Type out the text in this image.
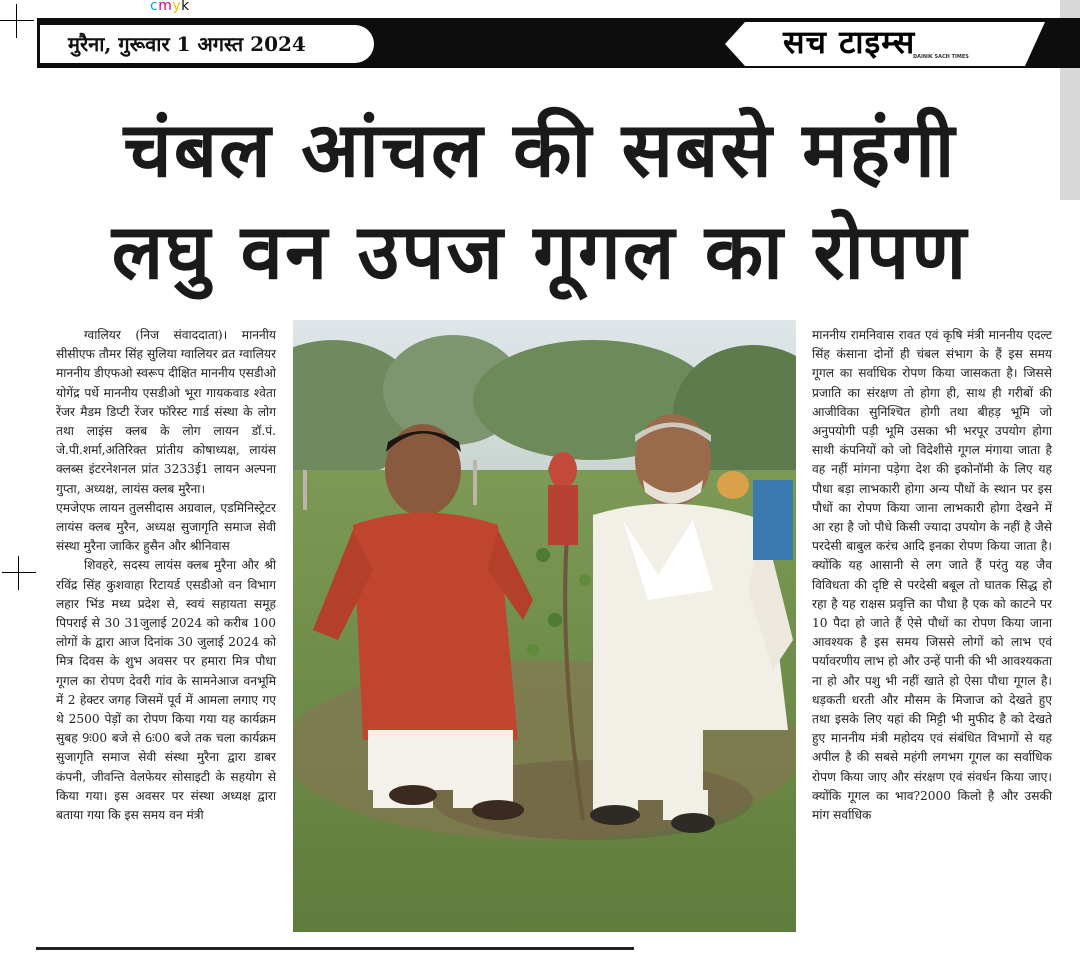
cmyk
मुरैना, गुरूवार 1 अगस्त 2024	सच टाइम्स
DAINIK SACH TIMES
चंबल आंचल की सबसे महंगी
लघु वन उपज गूगल का रोपण

ग्वालियर (निज संवाददाता)। माननीय सीसीएफ तौमर सिंह सुलिया ग्वालियर व्रत ग्वालियर माननीय डीएफओ स्वरूप दीक्षित माननीय एसडीओ योगेंद्र पर्धे माननीय एसडीओ भूरा गायकवाड श्वेता रेंजर मैडम डिप्टी रेंजर फॉरेस्ट गार्ड संस्था के लोग तथा लाइंस क्लब के लोग लायन डॉ.पं. जे.पी.शर्मा,अतिरिक्त प्रांतीय कोषाध्यक्ष, लायंस क्लब्स इंटरनेशनल प्रांत 3233ई1 लायन अल्पना गुप्ता, अध्यक्ष, लायंस क्लब मुरैना।

एमजेएफ लायन तुलसीदास अग्रवाल, एडमिनिस्ट्रेटर लायंस क्लब मुरैन, अध्यक्ष सुजागृति समाज सेवी संस्था मुरैना जाकिर हुसैन और श्रीनिवास

शिवहरे, सदस्य लायंस क्लब मुरैना और श्री रविंद्र सिंह कुशवाहा रिटायर्ड एसडीओ वन विभाग लहार भिंड मध्य प्रदेश से, स्वयं सहायता समूह पिपराई से 30 31जुलाई 2024 को करीब 100 लोगों के द्वारा आज दिनांक 30 जुलाई 2024 को मित्र दिवस के शुभ अवसर पर हमारा मित्र पौधा गूगल का रोपण देवरी गांव के सामनेआज वनभूमि में 2 हेक्टर जगह जिसमें पूर्व में आमला लगाए गए थे 2500 पेड़ों का रोपण किया गया यह कार्यक्रम सुबह 9ः00 बजे से 6ः00 बजे तक चला कार्यक्रम सुजागृति समाज सेवी संस्था मुरैना द्वारा डाबर कंपनी, जीवन्ति वेलफेयर सोसाइटी के सहयोग से किया गया। इस अवसर पर संस्था अध्यक्ष द्वारा बताया गया कि इस समय वन मंत्री

माननीय रामनिवास रावत एवं कृषि मंत्री माननीय एदल्ट सिंह कंसाना दोनों ही चंबल संभाग के हैं इस समय गूगल का सर्वाधिक रोपण किया जासकता है। जिससे प्रजाति का संरक्षण तो होगा ही, साथ ही गरीबों की आजीविका सुनिश्चित होगी तथा बीहड़ भूमि जो अनुपयोगी पड़ी भूमि उसका भी भरपूर उपयोग होगा साथी कंपनियों को जो विदेशीसे गूगल मंगाया जाता है वह नहीं मांगना पड़ेगा देश की इकोनॉमी के लिए यह पौधा बड़ा लाभकारी होगा अन्य पौधों के स्थान पर इस पौधों का रोपण किया जाना लाभकारी होगा देखने में आ रहा है जो पौधे किसी ज्यादा उपयोग के नहीं है जैसे परदेसी बाबुल करंच आदि इनका रोपण किया जाता है। क्योंकि यह आसानी से लग जाते हैं परंतु यह जैव विविधता की दृष्टि से परदेसी बबूल तो घातक सिद्ध हो रहा है यह राक्षस प्रवृत्ति का पौधा है एक को काटने पर 10 पैदा हो जाते हैं ऐसे पौधों का रोपण किया जाना आवश्यक है इस समय जिससे लोगों को लाभ एवं पर्यावरणीय लाभ हो और उन्हें पानी की भी आवश्यकता ना हो और पशु भी नहीं खाते हो ऐसा पौधा गूगल है। धड़कती धरती और मौसम के मिजाज को देखते हुए तथा इसके लिए यहां की मिट्टी भी मुफीद है को देखते हुए माननीय मंत्री महोदय एवं संबंधित विभागों से यह अपील है की सबसे महंगी लगभग गूगल का सर्वाधिक रोपण किया जाए और संरक्षण एवं संवर्धन किया जाए। क्योंकि गूगल का भाव?2000 किलो है और उसकी मांग सर्वाधिक
